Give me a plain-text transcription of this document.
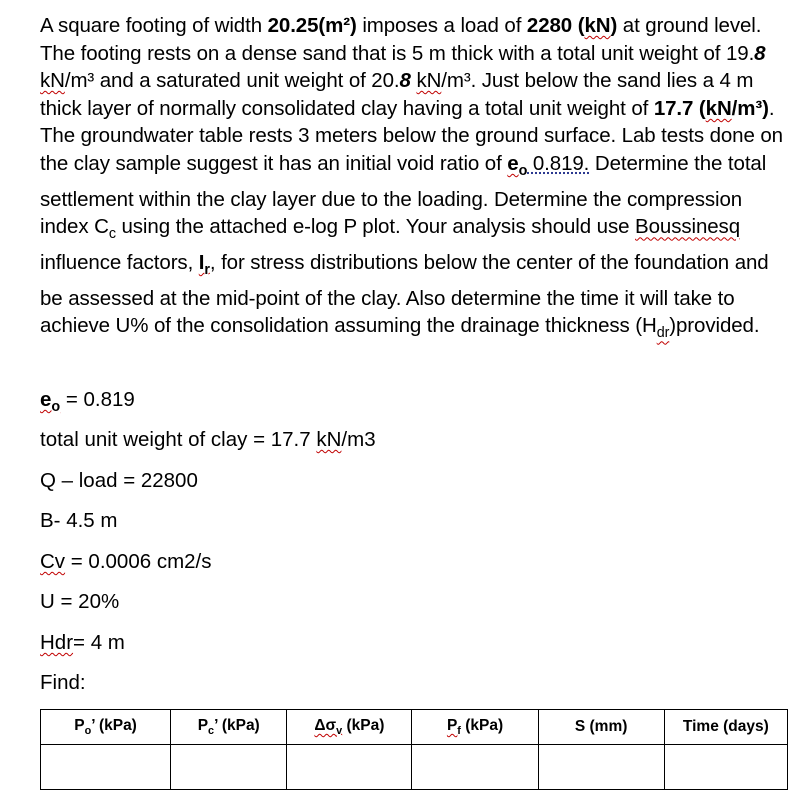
A square footing of width 20.25(m²) imposes a load of 2280 (kN) at ground level. The footing rests on a dense sand that is 5 m thick with a total unit weight of 19.8 kN/m³ and a saturated unit weight of 20.8 kN/m³. Just below the sand lies a 4 m thick layer of normally consolidated clay having a total unit weight of 17.7 (kN/m³). The groundwater table rests 3 meters below the ground surface. Lab tests done on the clay sample suggest it has an initial void ratio of $e_o$ 0.819. Determine the total settlement within the clay layer due to the loading. Determine the compression index $C_c$ using the attached e-log P plot. Your analysis should use Boussinesq influence factors, $I_r$, for stress distributions below the center of the foundation and be assessed at the mid-point of the clay. Also determine the time it will take to achieve U% of the consolidation assuming the drainage thickness $(H_{dr})provided$.
$e_o = 0.819$
total unit weight of clay = 17.7 kN/m3
Q – load = 22800
B- 4.5 m
Cv = 0.0006 cm2/s
U = 20%
Hdr= 4 m
Find:
$P_o$’ (kPa)	$P_c$’ (kPa)	$\Delta\sigma_v$ (kPa)	$P_f$ (kPa)	S (mm)	Time (days)
